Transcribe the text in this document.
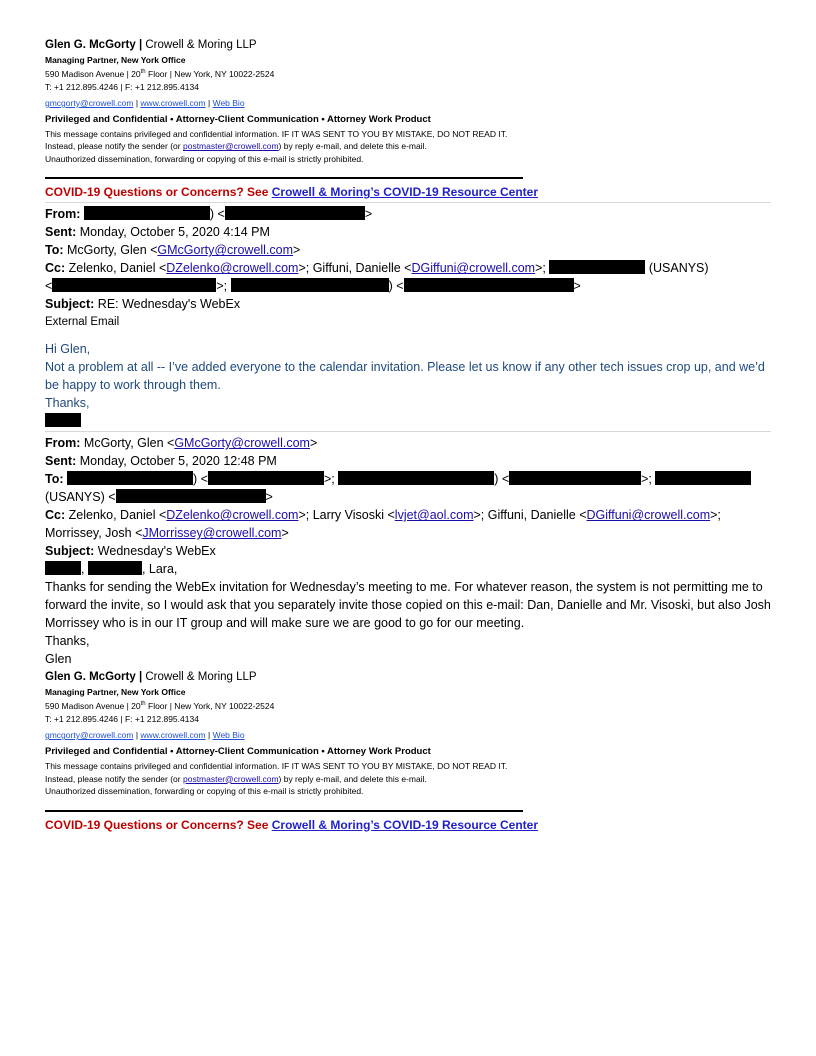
Glen G. McGorty | Crowell & Moring LLP
Managing Partner, New York Office
590 Madison Avenue | 20th Floor | New York, NY 10022-2524
T: +1 212.895.4246 | F: +1 212.895.4134
gmcgorty@crowell.com | www.crowell.com | Web Bio
Privileged and Confidential • Attorney-Client Communication • Attorney Work Product
This message contains privileged and confidential information. IF IT WAS SENT TO YOU BY MISTAKE, DO NOT READ IT.
Instead, please notify the sender (or postmaster@crowell.com) by reply e-mail, and delete this e-mail.
Unauthorized dissemination, forwarding or copying of this e-mail is strictly prohibited.
COVID-19 Questions or Concerns? See Crowell & Moring’s COVID-19 Resource Center
From:	) <	>
Sent: Monday, October 5, 2020 4:14 PM
To: McGorty, Glen <GMcGorty@crowell.com>
Cc: Zelenko, Daniel <DZelenko@crowell.com>; Giffuni, Danielle <DGiffuni@crowell.com>;	(USANYS)
<	>;	) <	>
Subject: RE: Wednesday's WebEx
External Email
Hi Glen,
Not a problem at all -- I’ve added everyone to the calendar invitation. Please let us know if any other tech issues crop up, and we’d be happy to work through them.
Thanks,
From: McGorty, Glen <GMcGorty@crowell.com>
Sent: Monday, October 5, 2020 12:48 PM
To:	) <	>;	) <	>;
(USANYS) <	>
Cc: Zelenko, Daniel <DZelenko@crowell.com>; Larry Visoski <lvjet@aol.com>; Giffuni, Danielle <DGiffuni@crowell.com>;
Morrissey, Josh <JMorrissey@crowell.com>
Subject: Wednesday's WebEx
,	, Lara,
Thanks for sending the WebEx invitation for Wednesday’s meeting to me. For whatever reason, the system is not permitting me to forward the invite, so I would ask that you separately invite those copied on this e-mail: Dan, Danielle and Mr. Visoski, but also Josh Morrissey who is in our IT group and will make sure we are good to go for our meeting.
Thanks,
Glen
Glen G. McGorty | Crowell & Moring LLP
Managing Partner, New York Office
590 Madison Avenue | 20th Floor | New York, NY 10022-2524
T: +1 212.895.4246 | F: +1 212.895.4134
gmcgorty@crowell.com | www.crowell.com | Web Bio
Privileged and Confidential • Attorney-Client Communication • Attorney Work Product
This message contains privileged and confidential information. IF IT WAS SENT TO YOU BY MISTAKE, DO NOT READ IT.
Instead, please notify the sender (or postmaster@crowell.com) by reply e-mail, and delete this e-mail.
Unauthorized dissemination, forwarding or copying of this e-mail is strictly prohibited.
COVID-19 Questions or Concerns? See Crowell & Moring’s COVID-19 Resource Center
